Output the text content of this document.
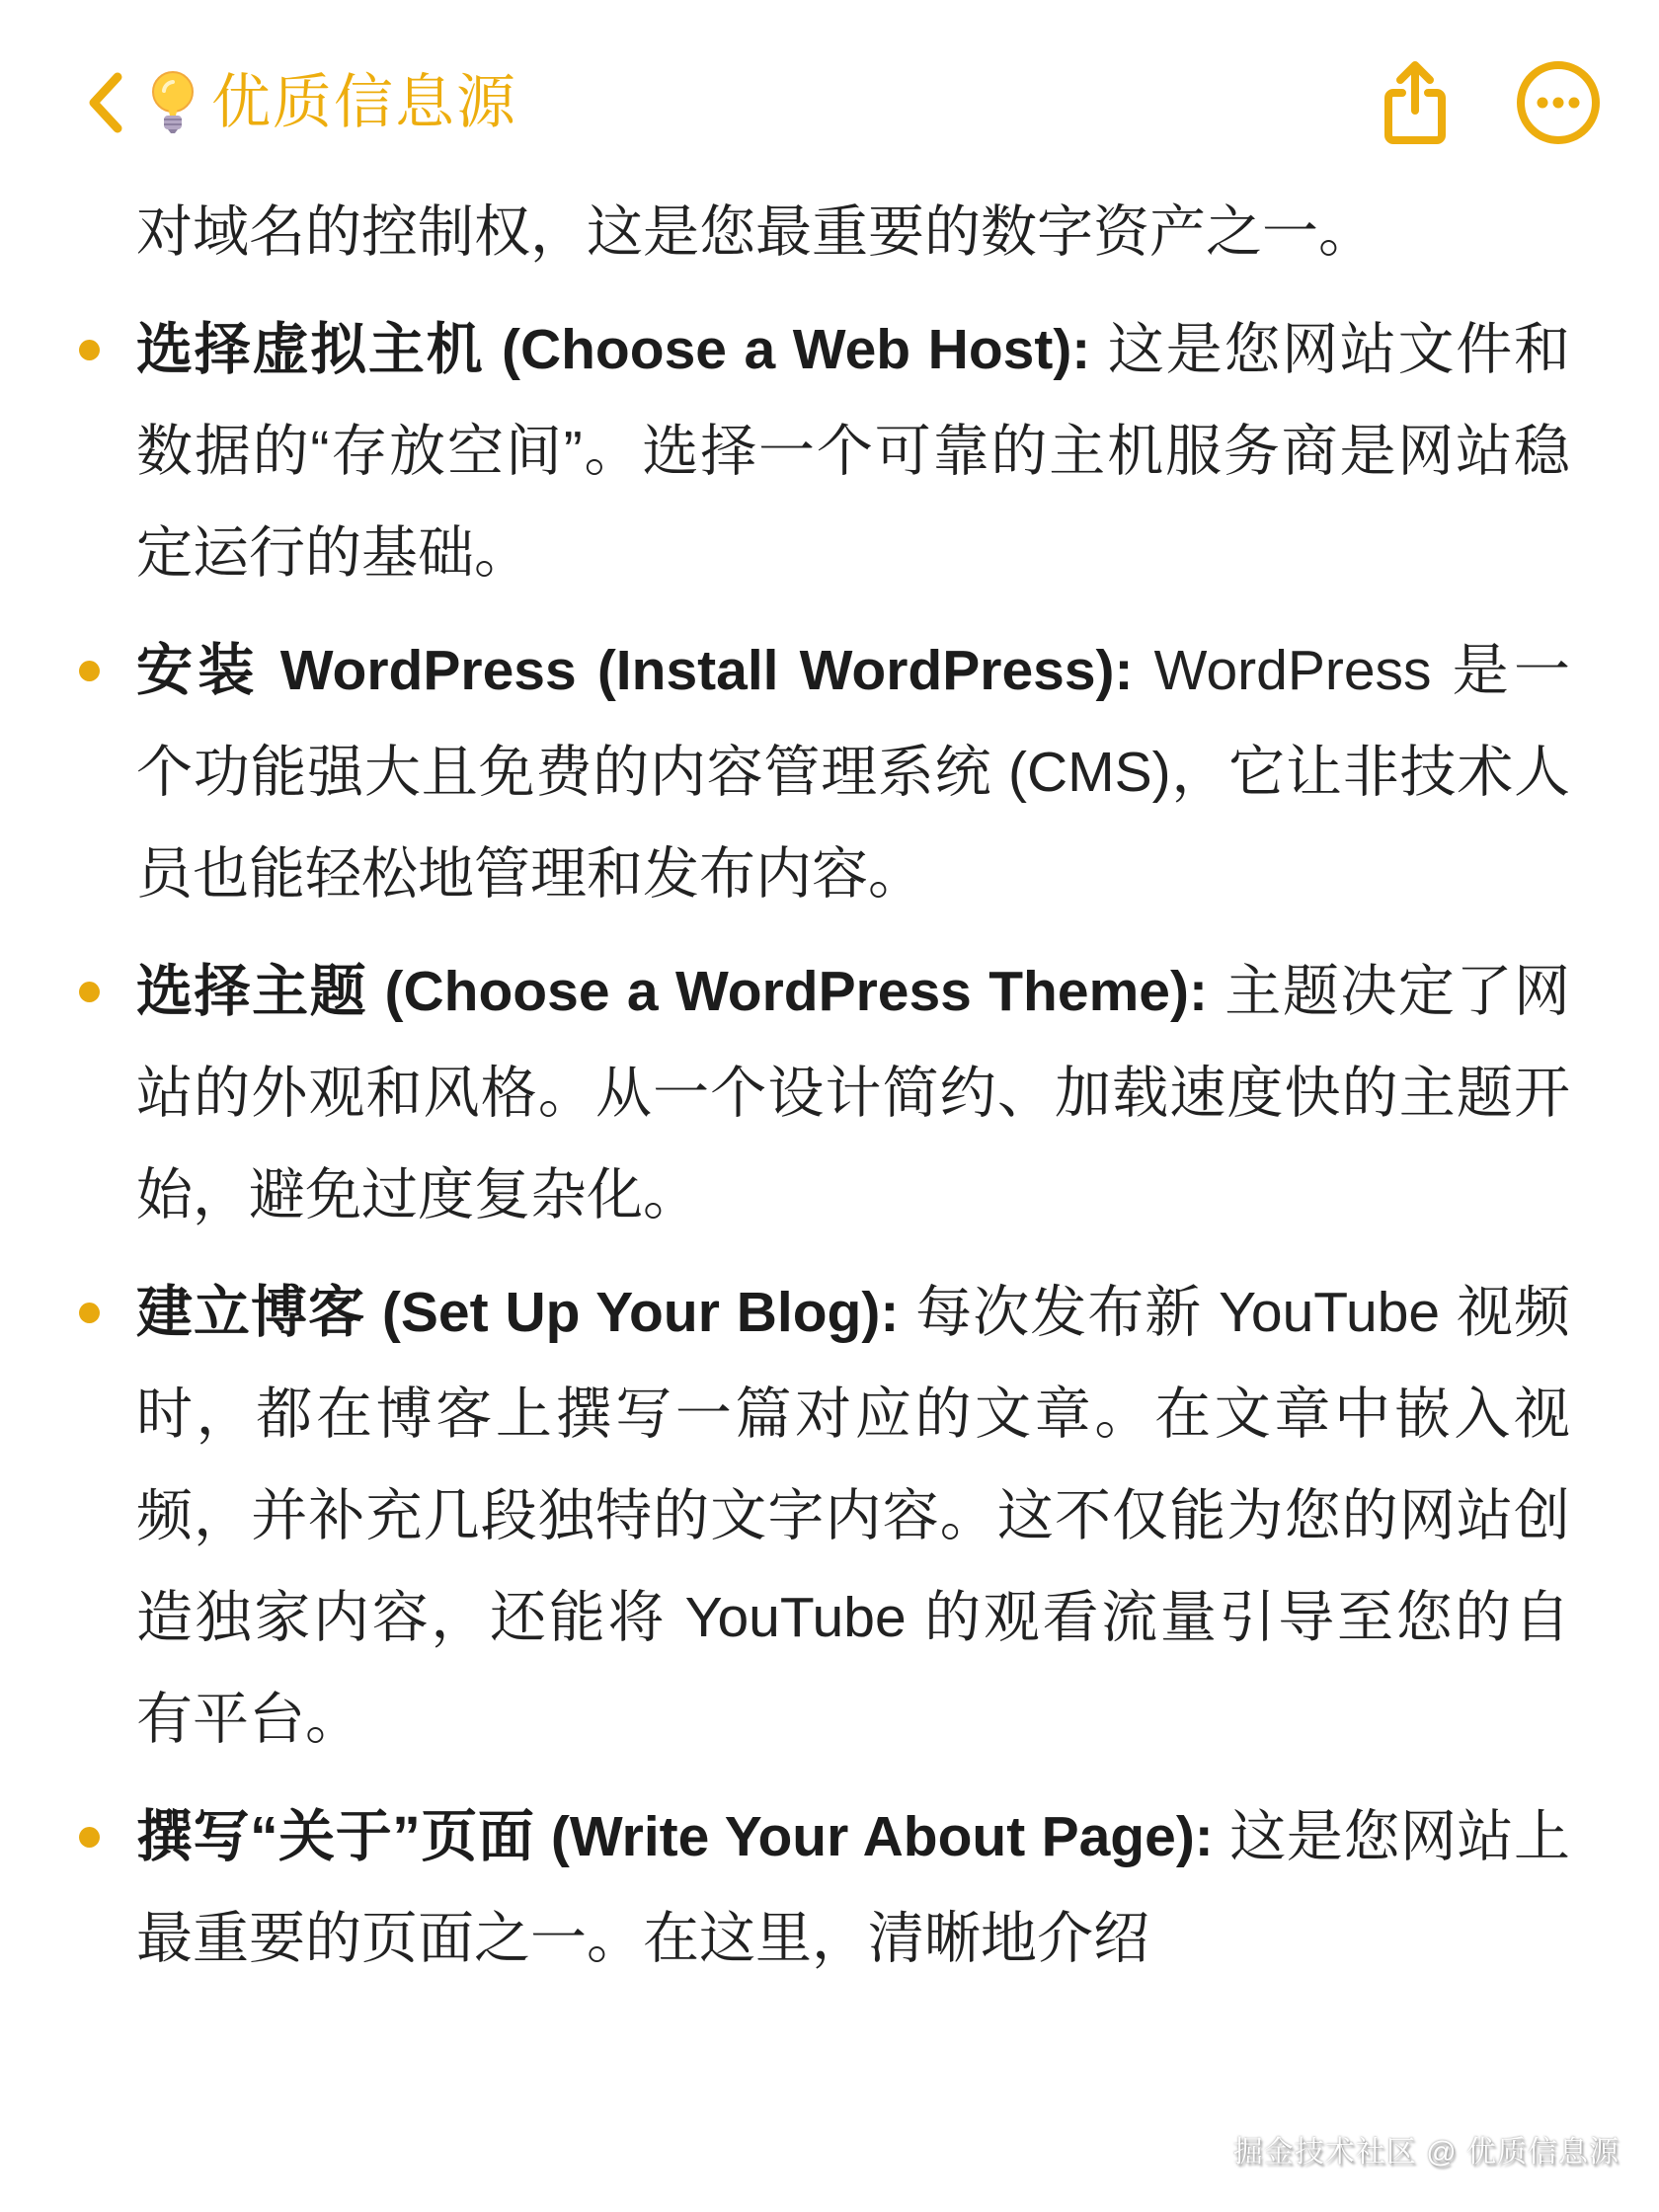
优质信息源

对域名的控制权，这是您最重要的数字资产之一。

选择虚拟主机 (Choose a Web Host): 这是您网站文件和数据的“存放空间”。选择一个可靠的主机服务商是网站稳定运行的基础。
安装 WordPress (Install WordPress): WordPress 是一个功能强大且免费的内容管理系统 (CMS)，它让非技术人员也能轻松地管理和发布内容。
选择主题 (Choose a WordPress Theme): 主题决定了网站的外观和风格。从一个设计简约、加载速度快的主题开始，避免过度复杂化。
建立博客 (Set Up Your Blog): 每次发布新 YouTube 视频时，都在博客上撰写一篇对应的文章。在文章中嵌入视频，并补充几段独特的文字内容。这不仅能为您的网站创造独家内容，还能将 YouTube 的观看流量引导至您的自有平台。
撰写“关于”页面 (Write Your About Page): 这是您网站上最重要的页面之一。在这里，清晰地介绍
掘金技术社区 @ 优质信息源
